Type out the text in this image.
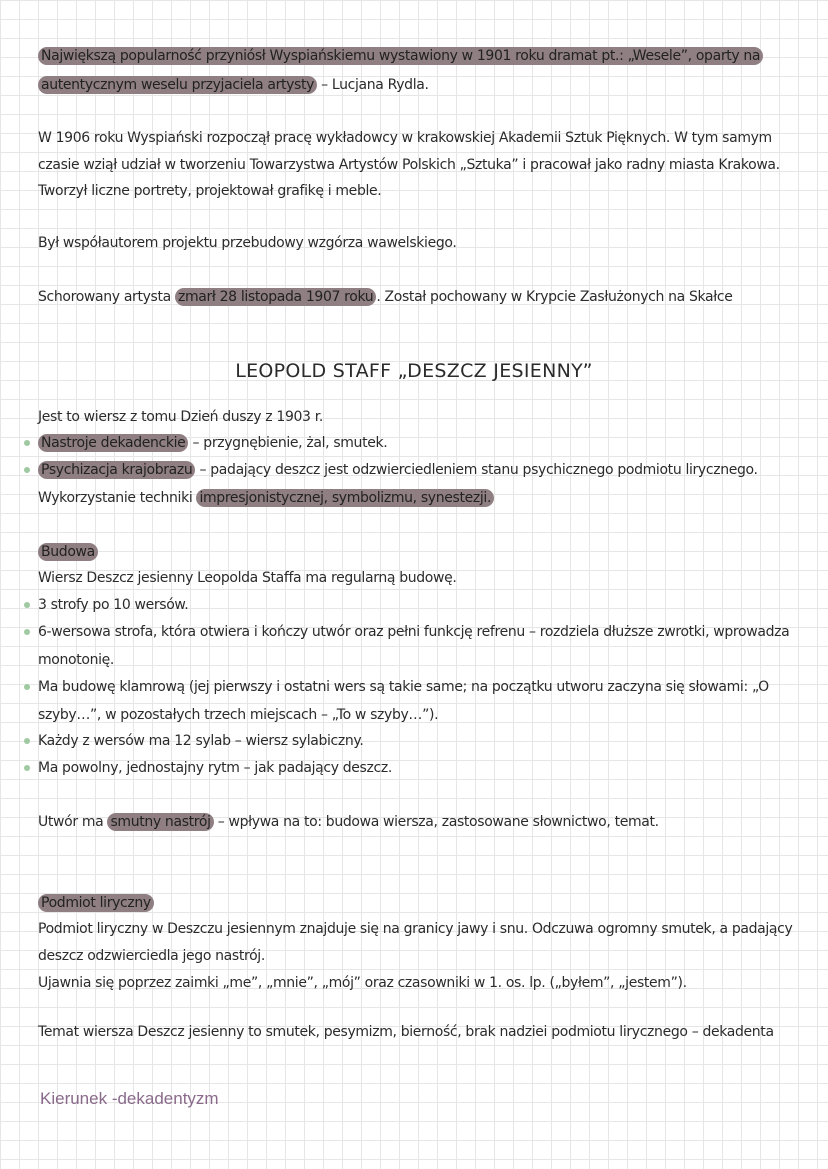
Największą popularność przyniósł Wyspiańskiemu wystawiony w 1901 roku dramat pt.: „Wesele”, oparty na
autentycznym weselu przyjaciela artysty – Lucjana Rydla.
W 1906 roku Wyspiański rozpoczął pracę wykładowcy w krakowskiej Akademii Sztuk Pięknych. W tym samym
czasie wziął udział w tworzeniu Towarzystwa Artystów Polskich „Sztuka” i pracował jako radny miasta Krakowa.
Tworzył liczne portrety, projektował grafikę i meble.
Był współautorem projektu przebudowy wzgórza wawelskiego.
Schorowany artysta zmarł 28 listopada 1907 roku . Został pochowany w Krypcie Zasłużonych na Skałce
LEOPOLD STAFF „DESZCZ JESIENNY”
Jest to wiersz z tomu Dzień duszy z 1903 r.
Nastroje dekadenckie – przygnębienie, żal, smutek.
Psychizacja krajobrazu – padający deszcz jest odzwierciedleniem stanu psychicznego podmiotu lirycznego.
Wykorzystanie techniki impresjonistycznej, symbolizmu, synestezji.
Budowa
Wiersz Deszcz jesienny Leopolda Staffa ma regularną budowę.
3 strofy po 10 wersów.
6-wersowa strofa, która otwiera i kończy utwór oraz pełni funkcję refrenu – rozdziela dłuższe zwrotki, wprowadza
monotonię.
Ma budowę klamrową (jej pierwszy i ostatni wers są takie same; na początku utworu zaczyna się słowami: „O
szyby…”, w pozostałych trzech miejscach – „To w szyby…”).
Każdy z wersów ma 12 sylab – wiersz sylabiczny.
Ma powolny, jednostajny rytm – jak padający deszcz.
Utwór ma smutny nastrój – wpływa na to: budowa wiersza, zastosowane słownictwo, temat.
Podmiot liryczny
Podmiot liryczny w Deszczu jesiennym znajduje się na granicy jawy i snu. Odczuwa ogromny smutek, a padający
deszcz odzwierciedla jego nastrój.
Ujawnia się poprzez zaimki „me”, „mnie”, „mój” oraz czasowniki w 1. os. lp. („byłem”, „jestem”).
Temat wiersza Deszcz jesienny to smutek, pesymizm, bierność, brak nadziei podmiotu lirycznego – dekadenta
Kierunek -dekadentyzm
